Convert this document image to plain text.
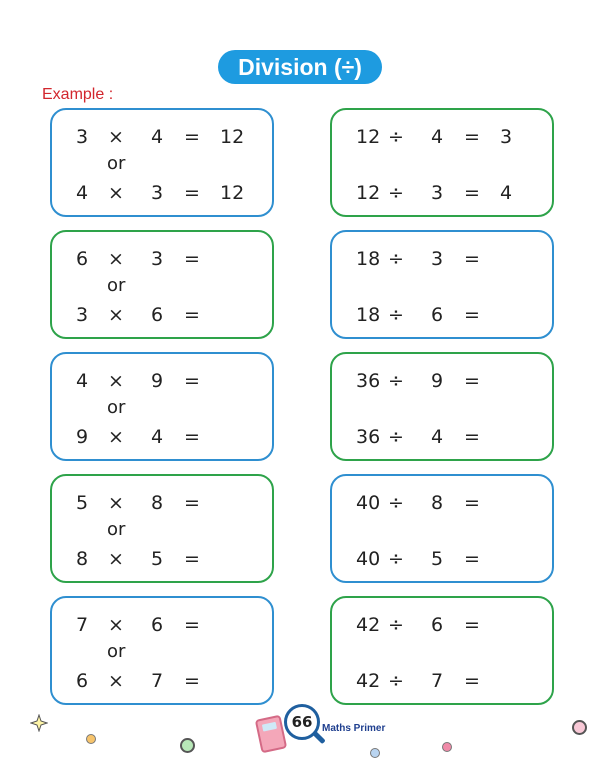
Division (÷)
Example :
3 × 4 = 12
4 × 3 = 12
or
6 × 3 =
3 × 6 =
or
4 × 9 =
9 × 4 =
or
5 × 8 =
8 × 5 =
or
7 × 6 =
6 × 7 =
or
12 ÷ 4 = 3
12 ÷ 3 = 4
18 ÷ 3 =
18 ÷ 6 =
36 ÷ 9 =
36 ÷ 4 =
40 ÷ 8 =
40 ÷ 5 =
42 ÷ 6 =
42 ÷ 7 =
66 Maths Primer
